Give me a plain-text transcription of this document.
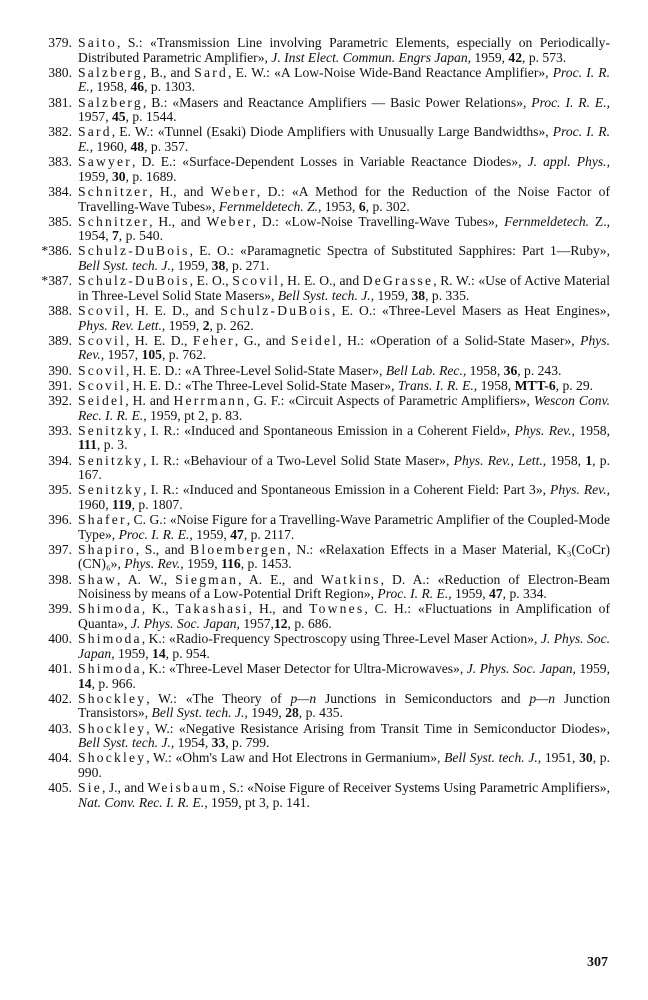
379. Saito, S.: «Transmission Line involving Parametric Elements, especially on Periodically-Distributed Parametric Amplifier», J. Inst Elect. Commun. Engrs Japan, 1959, 42, p. 573.
380. Salzberg, B., and Sard, E. W.: «A Low-Noise Wide-Band Reactance Amplifier», Proc. I. R. E., 1958, 46, p. 1303.
381. Salzberg, B.: «Masers and Reactance Amplifiers — Basic Power Relations», Proc. I. R. E., 1957, 45, p. 1544.
382. Sard, E. W.: «Tunnel (Esaki) Diode Amplifiers with Unusually Large Bandwidths», Proc. I. R. E., 1960, 48, p. 357.
383. Sawyer, D. E.: «Surface-Dependent Losses in Variable Reactance Diodes», J. appl. Phys., 1959, 30, p. 1689.
384. Schnitzer, H., and Weber, D.: «A Method for the Reduction of the Noise Factor of Travelling-Wave Tubes», Fernmeldetech. Z., 1953, 6, p. 302.
385. Schnitzer, H., and Weber, D.: «Low-Noise Travelling-Wave Tubes», Fernmeldetech. Z., 1954, 7, p. 540.
*386. Schulz-DuBois, E. O.: «Paramagnetic Spectra of Substituted Sapphires: Part 1—Ruby», Bell Syst. tech. J., 1959, 38, p. 271.
*387. Schulz-DuBois, E. O., Scovil, H. E. O., and DeGrasse, R. W.: «Use of Active Material in Three-Level Solid State Masers», Bell Syst. tech. J., 1959, 38, p. 335.
388. Scovil, H. E. D., and Schulz-DuBois, E. O.: «Three-Level Masers as Heat Engines», Phys. Rev. Lett., 1959, 2, p. 262.
389. Scovil, H. E. D., Feher, G., and Seidel, H.: «Operation of a Solid-State Maser», Phys. Rev., 1957, 105, p. 762.
390. Scovil, H. E. D.: «A Three-Level Solid-State Maser», Bell Lab. Rec., 1958, 36, p. 243.
391. Scovil, H. E. D.: «The Three-Level Solid-State Maser», Trans. I. R. E., 1958, MTT-6, p. 29.
392. Seidel, H. and Herrmann, G. F.: «Circuit Aspects of Parametric Amplifiers», Wescon Conv. Rec. I. R. E., 1959, pt 2, p. 83.
393. Senitzky, I. R.: «Induced and Spontaneous Emission in a Coherent Field», Phys. Rev., 1958, 111, p. 3.
394. Senitzky, I. R.: «Behaviour of a Two-Level Solid State Maser», Phys. Rev., Lett., 1958, 1, p. 167.
395. Senitzky, I. R.: «Induced and Spontaneous Emission in a Coherent Field: Part 3», Phys. Rev., 1960, 119, p. 1807.
396. Shafer, C. G.: «Noise Figure for a Travelling-Wave Parametric Amplifier of the Coupled-Mode Type», Proc. I. R. E., 1959, 47, p. 2117.
397. Shapiro, S., and Bloembergen, N.: «Relaxation Effects in a Maser Material, K₃(CoCr) (CN)₆», Phys. Rev., 1959, 116, p. 1453.
398. Shaw, A. W., Siegman, A. E., and Watkins, D. A.: «Reduction of Electron-Beam Noisiness by means of a Low-Potential Drift Region», Proc. I. R. E., 1959, 47, p. 334.
399. Shimoda, K., Takashasi, H., and Townes, C. H.: «Fluctuations in Amplification of Quanta», J. Phys. Soc. Japan, 1957,12, p. 686.
400. Shimoda, K.: «Radio-Frequency Spectroscopy using Three-Level Maser Action», J. Phys. Soc. Japan, 1959, 14, p. 954.
401. Shimoda, K.: «Three-Level Maser Detector for Ultra-Microwaves», J. Phys. Soc. Japan, 1959, 14, p. 966.
402. Shockley, W.: «The Theory of p—n Junctions in Semiconductors and p—n Junction Transistors», Bell Syst. tech. J., 1949, 28, p. 435.
403. Shockley, W.: «Negative Resistance Arising from Transit Time in Semiconductor Diodes», Bell Syst. tech. J., 1954, 33, p. 799.
404. Shockley, W.: «Ohm's Law and Hot Electrons in Germanium», Bell Syst. tech. J., 1951, 30, p. 990.
405. Sie, J., and Weisbaum, S.: «Noise Figure of Receiver Systems Using Parametric Amplifiers», Nat. Conv. Rec. I. R. E., 1959, pt 3, p. 141.
307
